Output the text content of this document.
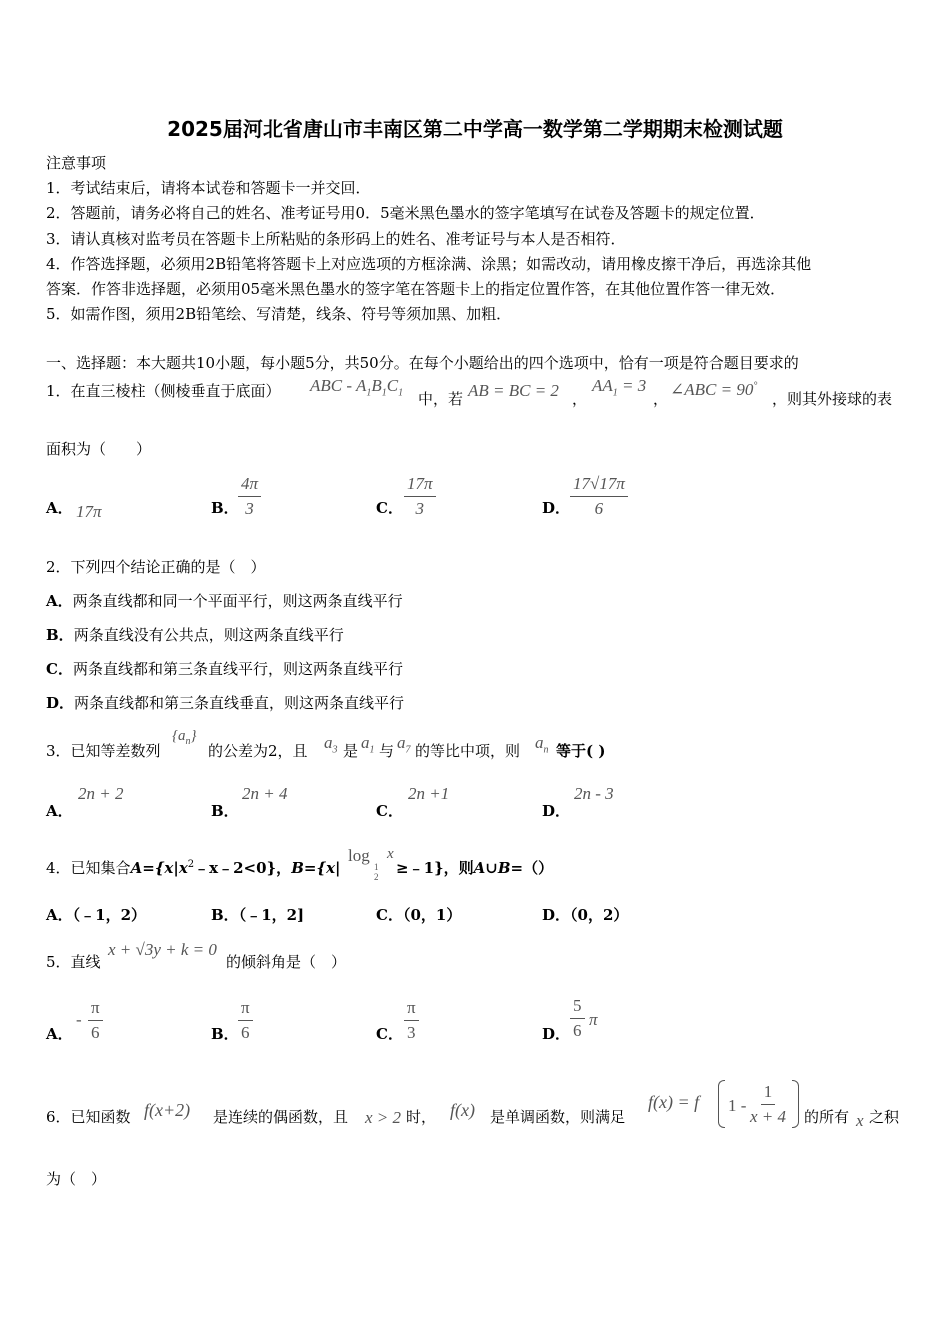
2025届河北省唐山市丰南区第二中学高一数学第二学期期末检测试题
注意事项
1．考试结束后，请将本试卷和答题卡一并交回．
2．答题前，请务必将自己的姓名、准考证号用0．5毫米黑色墨水的签字笔填写在试卷及答题卡的规定位置．
3．请认真核对监考员在答题卡上所粘贴的条形码上的姓名、准考证号与本人是否相符．
4．作答选择题，必须用2B铅笔将答题卡上对应选项的方框涂满、涂黑；如需改动，请用橡皮擦干净后，再选涂其他
答案．作答非选择题，必须用05毫米黑色墨水的签字笔在答题卡上的指定位置作答，在其他位置作答一律无效．
5．如需作图，须用2B铅笔绘、写清楚，线条、符号等须加黑、加粗．
一、选择题：本大题共10小题，每小题5分，共50分。在每个小题给出的四个选项中，恰有一项是符合题目要求的
1．在直三棱柱（侧棱垂直于底面） ABC - $A_1B_1C_1$ 中，若 AB = BC = 2 ，
$AA_1 = 3$
， ∠ABC = 90°
，则其外接球的表
面积为（　　）
A． 17π	B． $\frac{4\pi}{3}$	C． $\frac{17\pi}{3}$	D． $\frac{17√17\pi}{6}$
2．下列四个结论正确的是（　）
A．两条直线都和同一个平面平行，则这两条直线平行
B．两条直线没有公共点，则这两条直线平行
C．两条直线都和第三条直线平行，则这两条直线平行
D．两条直线都和第三条直线垂直，则这两条直线平行
3．已知等差数列
$\{a_n\}$
的公差为2，且 $a_3$ 是 $a_1$ 与 $a_7$ 的等比中项，则 $a_n$ 等于( )
A．
2n + 2
B．
2n + 4
C．
2n +1
D．
2n - 3
4．已知集合$A=\{x|x^2﹣x﹣2<0\}$，B={x|
log
1
2
x
≥﹣1}，则A∪B=（）
A．（﹣1，2）	B．（﹣1，2]	C．（0，1）	D．（0，2）
5．直线
x + √3y + k = 0
的倾斜角是（　）
A．
- $\frac{\pi}{6}$	B． $\frac{\pi}{6}$	C． $\frac{\pi}{3}$	D． $\frac{5}{6}$ π
6．已知函数 f(x+2) 是连续的偶函数，且 x > 2 时， f(x) 是单调函数，则满足
f(x) = f $1 - \frac{1}{x + 4}$ 的所有 x 之积
为（　）
